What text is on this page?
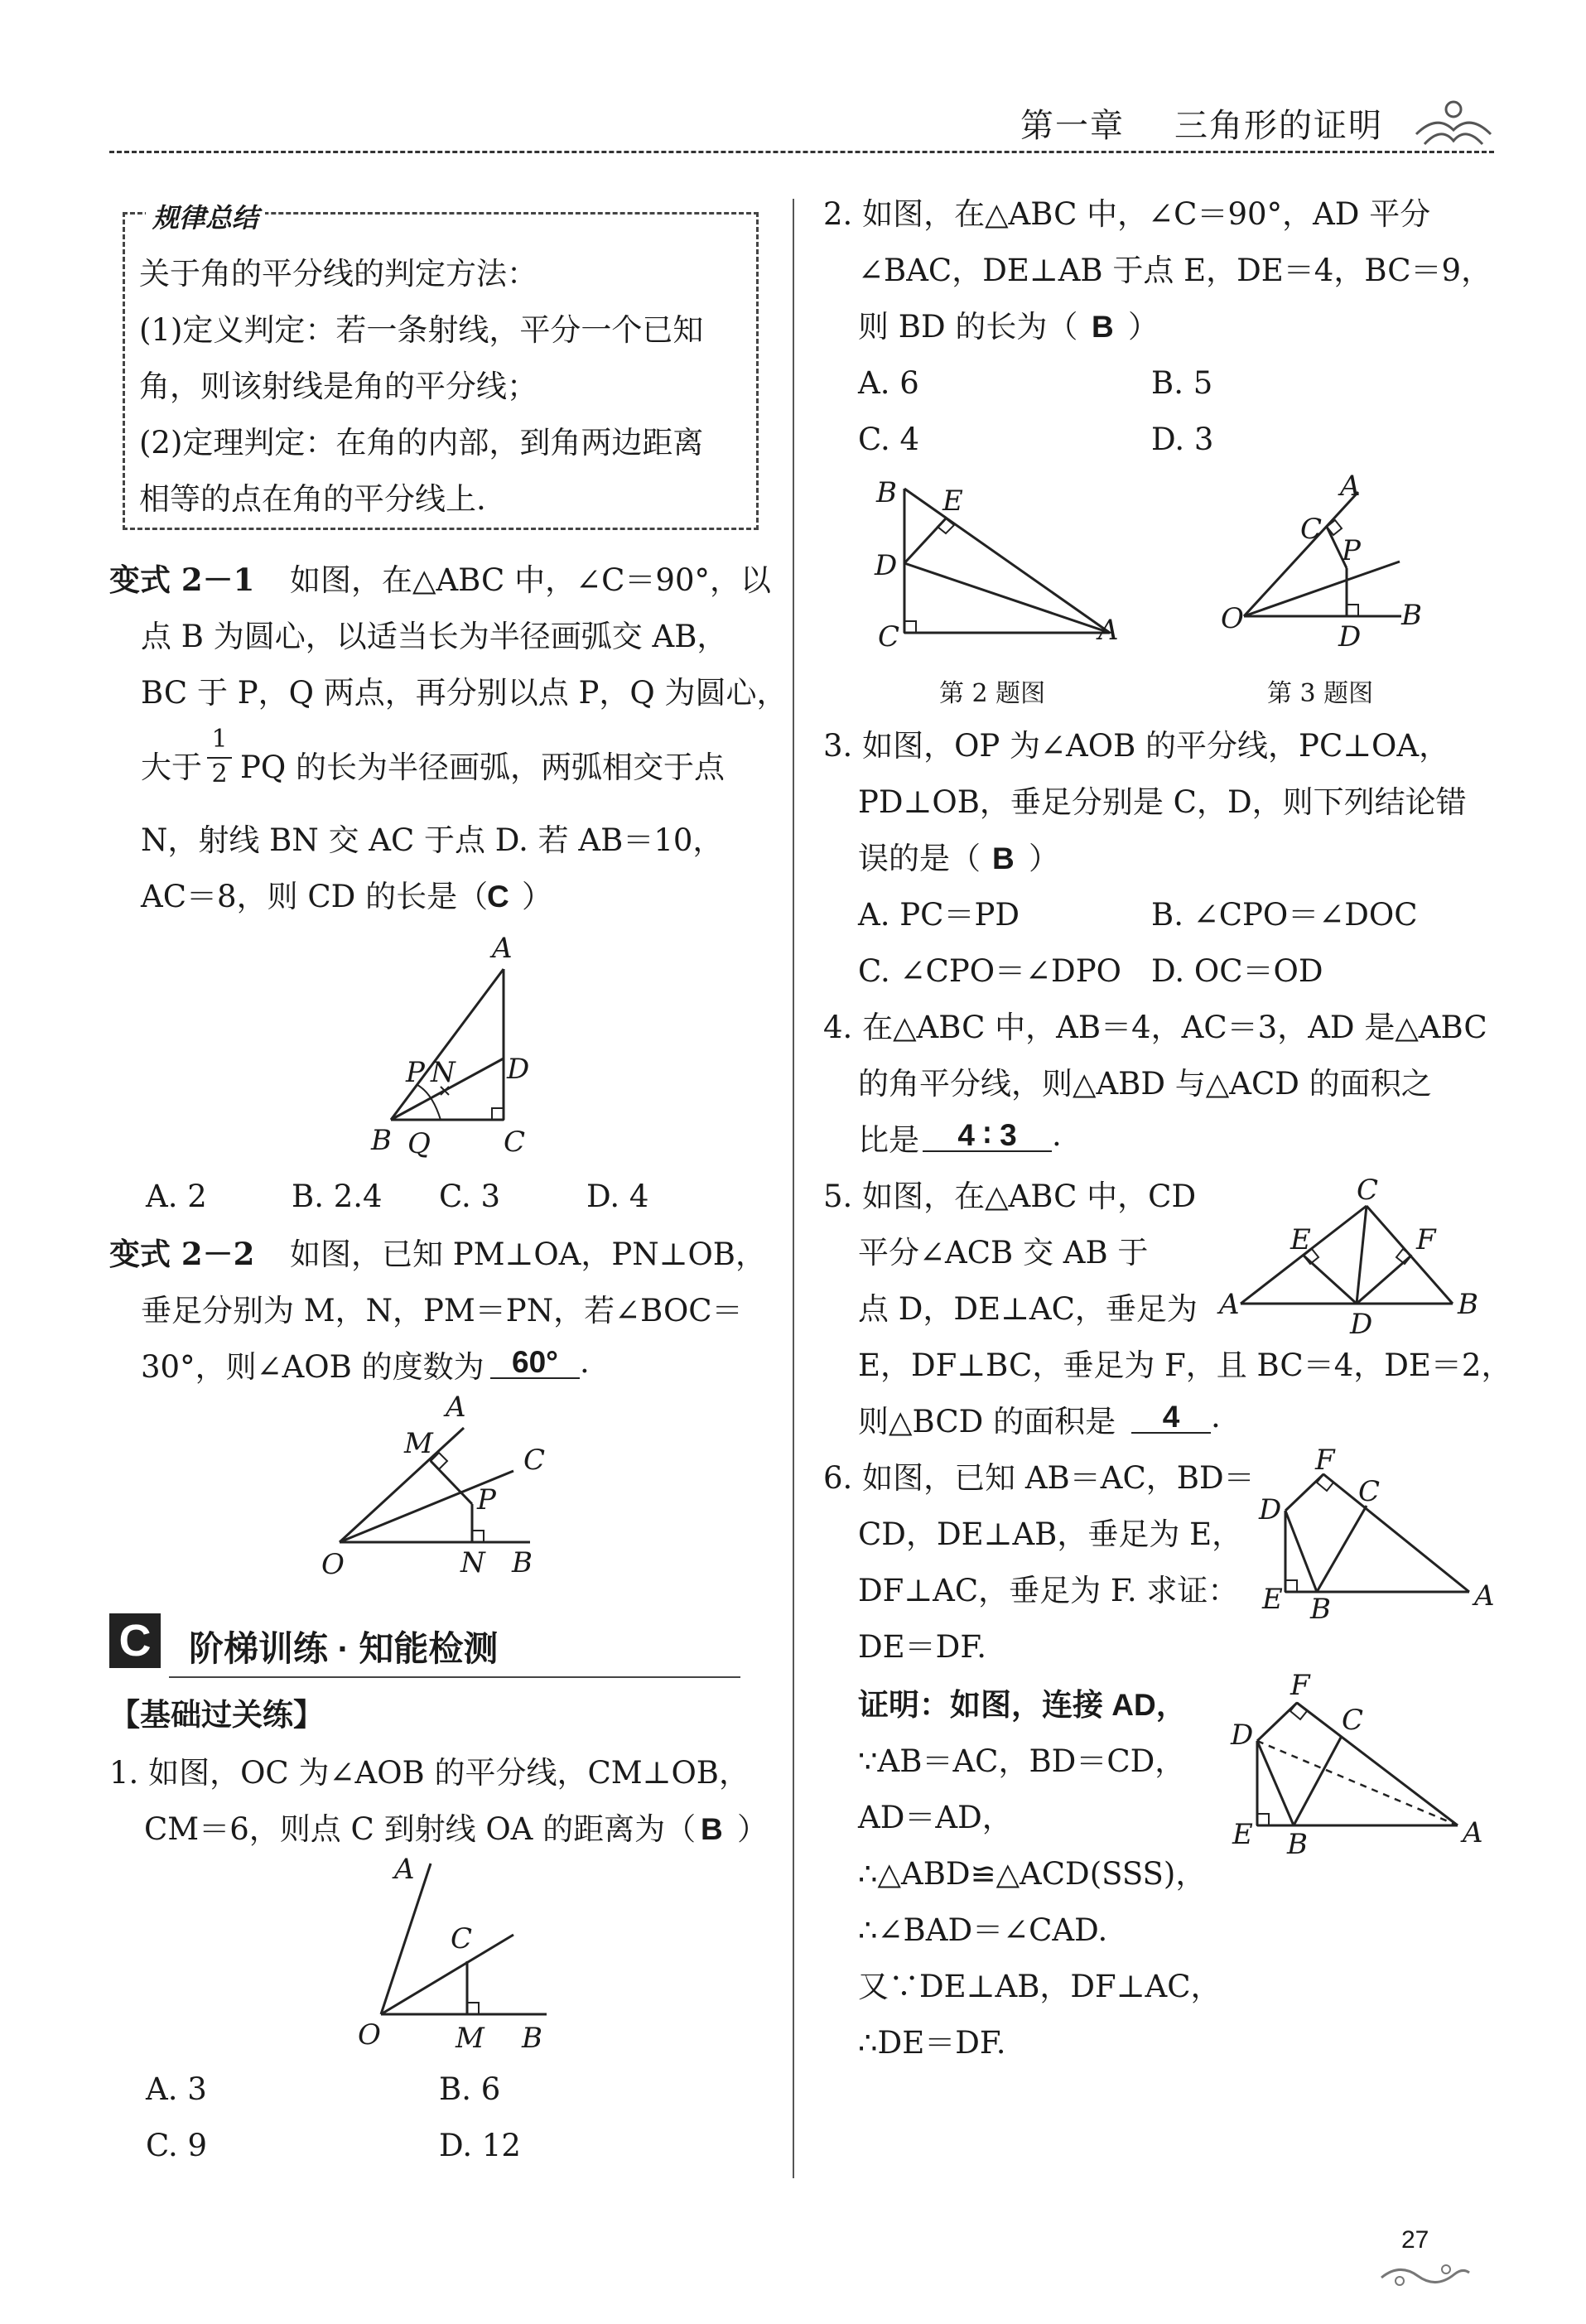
第一章 三角形的证明
规律总结
关于角的平分线的判定方法：
(1)定义判定：若一条射线，平分一个已知
角，则该射线是角的平分线；
(2)定理判定：在角的内部，到角两边距离
相等的点在角的平分线上.
变式 2－1 如图，在△ABC 中，∠C＝90°，以
点 B 为圆心，以适当长为半径画弧交 AB，
BC 于 P，Q 两点，再分别以点 P，Q 为圆心，
大于
1
2 PQ 的长为半径画弧，两弧相交于点
N，射线 BN 交 AC 于点 D. 若 AB＝10，
AC＝8，则 CD 的长是（
C ）
A
P N D
B Q	C
A. 2	B. 2.4 C. 3	D. 4
变式 2－2 如图，已知 PM⊥OA，PN⊥OB，
垂足分别为 M，N，PM＝PN，若∠BOC＝
30°，则∠AOB 的度数为 60° .
A
M	C
P
O	N B
C 阶梯训练 · 知能检测
【基础过关练】
1. 如图，OC 为∠AOB 的平分线，CM⊥OB，
CM＝6，则点 C 到射线 OA 的距离为（ B ）
A
C
O	M B
A. 3	B. 6
C. 9	D. 12
2. 如图，在△ABC 中，∠C＝90°，AD 平分
∠BAC，DE⊥AB 于点 E，DE＝4，BC＝9，
则 BD 的长为（ B ）
A. 6	B. 5
C. 4	D. 3
B E
D
C	A
第 2 题图
A
C
P
O
D
B
第 3 题图
3. 如图，OP 为∠AOB 的平分线，PC⊥OA，
PD⊥OB，垂足分别是 C，D，则下列结论错
误的是（ B ）
A. PC＝PD	B. ∠CPO＝∠DOC
C. ∠CPO＝∠DPO D. OC＝OD
4. 在△ABC 中，AB＝4，AC＝3，AD 是△ABC
的角平分线，则△ABD 与△ACD 的面积之
比是	4 ∶ 3 .
5. 如图，在△ABC 中，CD
平分∠ACB 交 AB 于
点 D，DE⊥AC，垂足为
E，DF⊥BC，垂足为 F，且 BC＝4，DE＝2，
则△BCD 的面积是	4 .
C
E	F
A
D
B
6. 如图，已知 AB＝AC，BD＝
CD，DE⊥AB，垂足为 E，
DF⊥AC，垂足为 F. 求证：
DE＝DF.
F
C
D
E B	A
证明：如图，连接 AD，
∵AB＝AC，BD＝CD，
AD＝AD，
∴△ABD≌△ACD(SSS)，
∴∠BAD＝∠CAD.
又∵DE⊥AB，DF⊥AC，
∴DE＝DF.
F
C
D
E B	A
27
